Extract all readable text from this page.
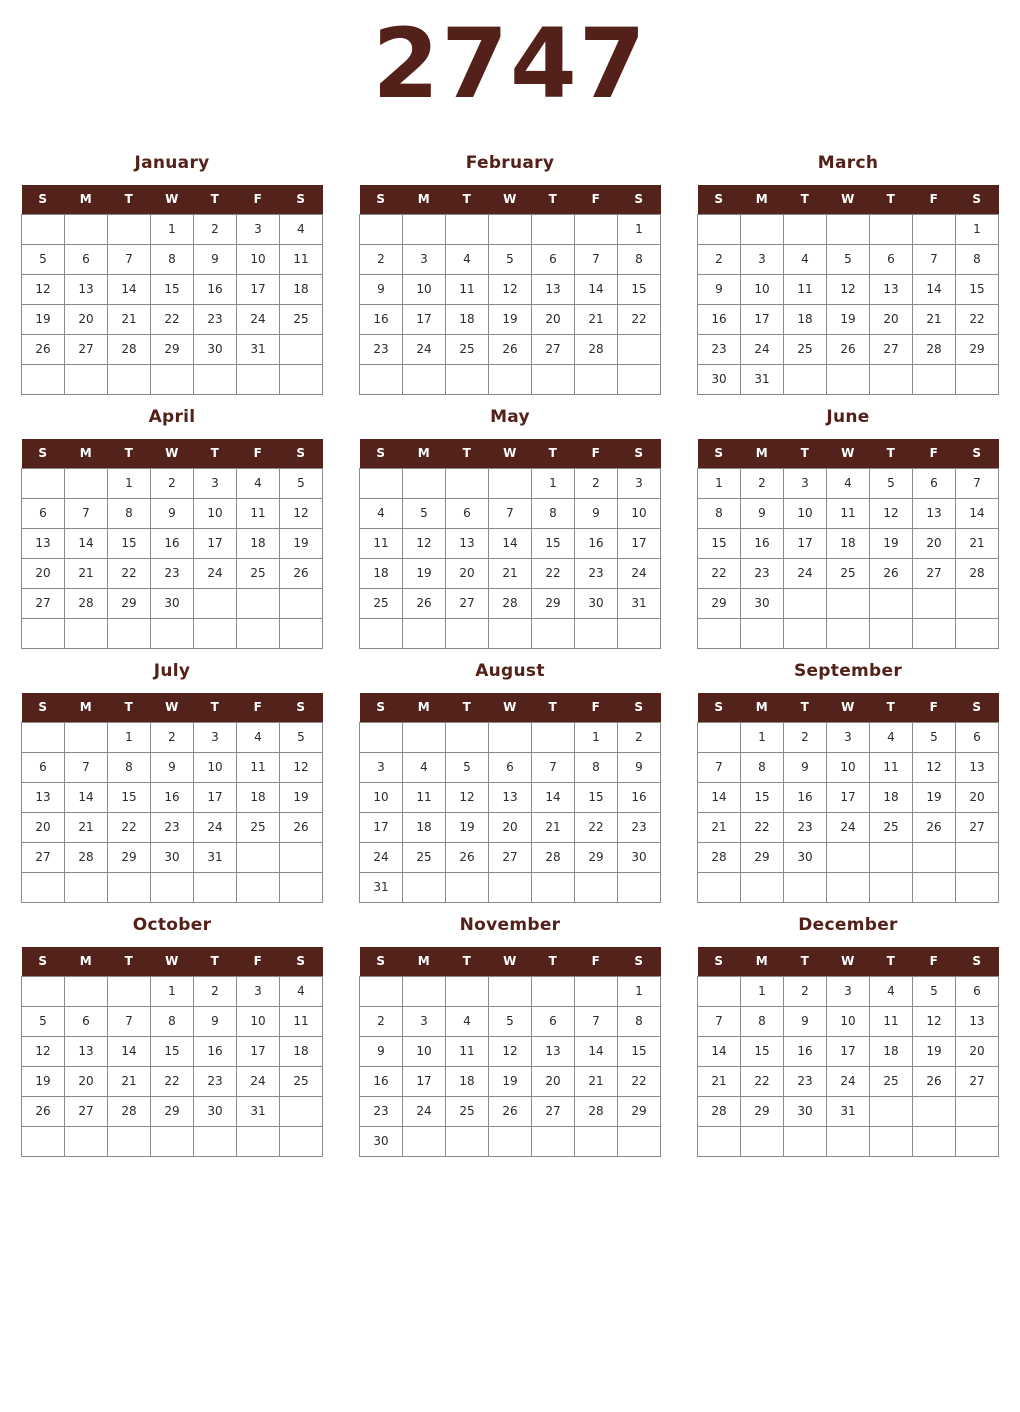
2747
January
S	M	T	W	T	F	S
			1	2	3	4
5	6	7	8	9	10	11
12	13	14	15	16	17	18
19	20	21	22	23	24	25
26	27	28	29	30	31	

February
S	M	T	W	T	F	S
						1
2	3	4	5	6	7	8
9	10	11	12	13	14	15
16	17	18	19	20	21	22
23	24	25	26	27	28	

March
S	M	T	W	T	F	S
						1
2	3	4	5	6	7	8
9	10	11	12	13	14	15
16	17	18	19	20	21	22
23	24	25	26	27	28	29
30	31					
April
S	M	T	W	T	F	S
		1	2	3	4	5
6	7	8	9	10	11	12
13	14	15	16	17	18	19
20	21	22	23	24	25	26
27	28	29	30			

May
S	M	T	W	T	F	S
				1	2	3
4	5	6	7	8	9	10
11	12	13	14	15	16	17
18	19	20	21	22	23	24
25	26	27	28	29	30	31

June
S	M	T	W	T	F	S
1	2	3	4	5	6	7
8	9	10	11	12	13	14
15	16	17	18	19	20	21
22	23	24	25	26	27	28
29	30					

July
S	M	T	W	T	F	S
		1	2	3	4	5
6	7	8	9	10	11	12
13	14	15	16	17	18	19
20	21	22	23	24	25	26
27	28	29	30	31		

August
S	M	T	W	T	F	S
					1	2
3	4	5	6	7	8	9
10	11	12	13	14	15	16
17	18	19	20	21	22	23
24	25	26	27	28	29	30
31						
September
S	M	T	W	T	F	S
	1	2	3	4	5	6
7	8	9	10	11	12	13
14	15	16	17	18	19	20
21	22	23	24	25	26	27
28	29	30				

October
S	M	T	W	T	F	S
			1	2	3	4
5	6	7	8	9	10	11
12	13	14	15	16	17	18
19	20	21	22	23	24	25
26	27	28	29	30	31	

November
S	M	T	W	T	F	S
						1
2	3	4	5	6	7	8
9	10	11	12	13	14	15
16	17	18	19	20	21	22
23	24	25	26	27	28	29
30						
December
S	M	T	W	T	F	S
	1	2	3	4	5	6
7	8	9	10	11	12	13
14	15	16	17	18	19	20
21	22	23	24	25	26	27
28	29	30	31			
